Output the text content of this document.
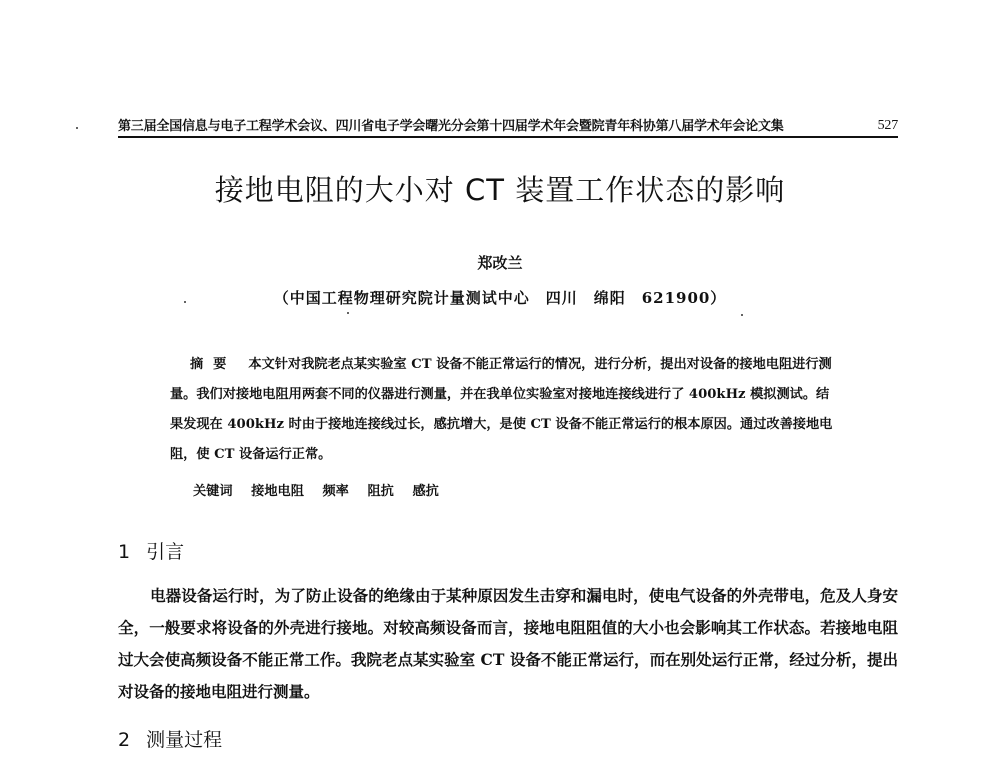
第三届全国信息与电子工程学术会议、四川省电子学会曙光分会第十四届学术年会暨院青年科协第八届学术年会论文集	527
接地电阻的大小对 CT 装置工作状态的影响
郑改兰
（中国工程物理研究院计量测试中心　四川　绵阳　621900）
摘要 本文针对我院老点某实验室 CT 设备不能正常运行的情况，进行分析，提出对设备的接地电阻进行测量。我们对接地电阻用两套不同的仪器进行测量，并在我单位实验室对接地连接线进行了 400kHz 模拟测试。结果发现在 400kHz 时由于接地连接线过长，感抗增大，是使 CT 设备不能正常运行的根本原因。通过改善接地电阻，使 CT 设备运行正常。
关键词 接地电阻 频率 阻抗 感抗
1 引言
电器设备运行时，为了防止设备的绝缘由于某种原因发生击穿和漏电时，使电气设备的外壳带电，危及人身安全，一般要求将设备的外壳进行接地。对较高频设备而言，接地电阻阻值的大小也会影响其工作状态。若接地电阻过大会使高频设备不能正常工作。我院老点某实验室 CT 设备不能正常运行，而在别处运行正常，经过分析，提出对设备的接地电阻进行测量。
2 测量过程
